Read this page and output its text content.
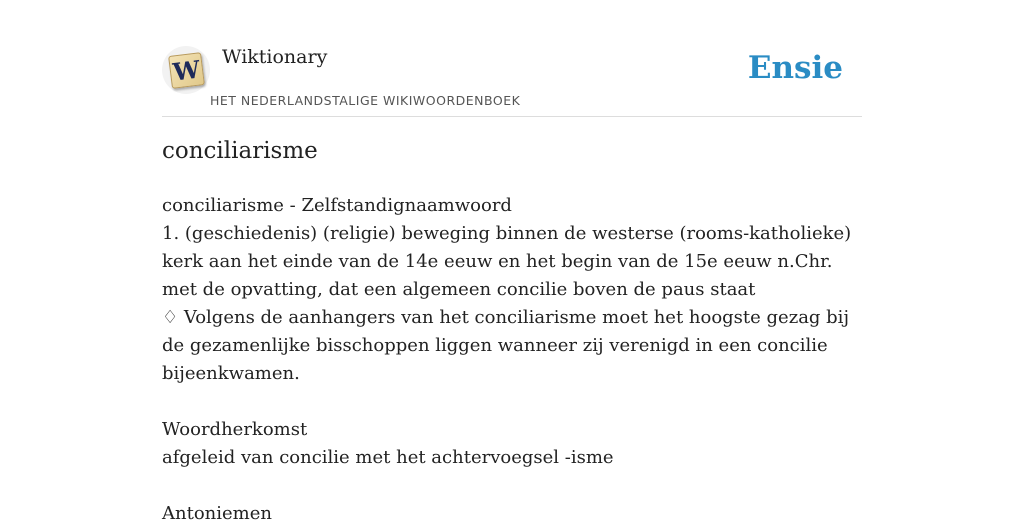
W Wiktionary
HET NEDERLANDSTALIGE WIKIWOORDENBOEK
Ensie
conciliarisme
conciliarisme - Zelfstandignaamwoord
1. (geschiedenis) (religie) beweging binnen de westerse (rooms-katholieke) kerk aan het einde van de 14e eeuw en het begin van de 15e eeuw n.Chr. met de opvatting, dat een algemeen concilie boven de paus staat
♢ Volgens de aanhangers van het conciliarisme moet het hoogste gezag bij de gezamenlijke bisschoppen liggen wanneer zij verenigd in een concilie bijeenkwamen.
Woordherkomst
afgeleid van concilie met het achtervoegsel -isme
Antoniemen
